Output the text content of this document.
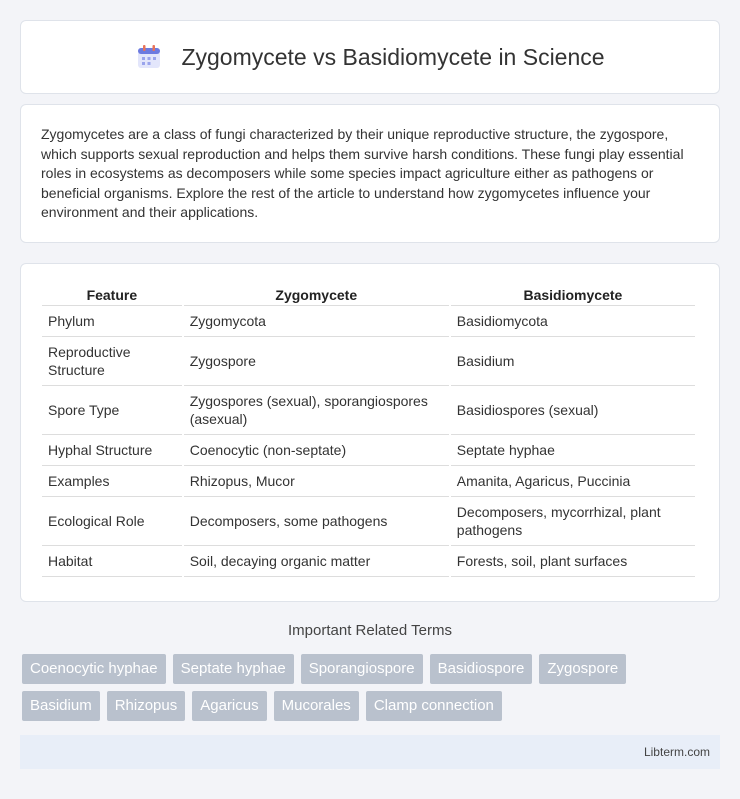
Zygomycete vs Basidiomycete in Science

Zygomycetes are a class of fungi characterized by their unique reproductive structure, the zygospore, which supports sexual reproduction and helps them survive harsh conditions. These fungi play essential roles in ecosystems as decomposers while some species impact agriculture either as pathogens or beneficial organisms. Explore the rest of the article to understand how zygomycetes influence your environment and their applications.

Feature	Zygomycete	Basidiomycete
Phylum	Zygomycota	Basidiomycota
Reproductive Structure	Zygospore	Basidium
Spore Type	Zygospores (sexual), sporangiospores (asexual)	Basidiospores (sexual)
Hyphal Structure	Coenocytic (non-septate)	Septate hyphae
Examples	Rhizopus, Mucor	Amanita, Agaricus, Puccinia
Ecological Role	Decomposers, some pathogens	Decomposers, mycorrhizal, plant pathogens
Habitat	Soil, decaying organic matter	Forests, soil, plant surfaces
Important Related Terms
Coenocytic hyphae	Septate hyphae	Sporangiospore	Basidiospore	Zygospore
Basidium	Rhizopus	Agaricus	Mucorales	Clamp connection
Libterm.com
